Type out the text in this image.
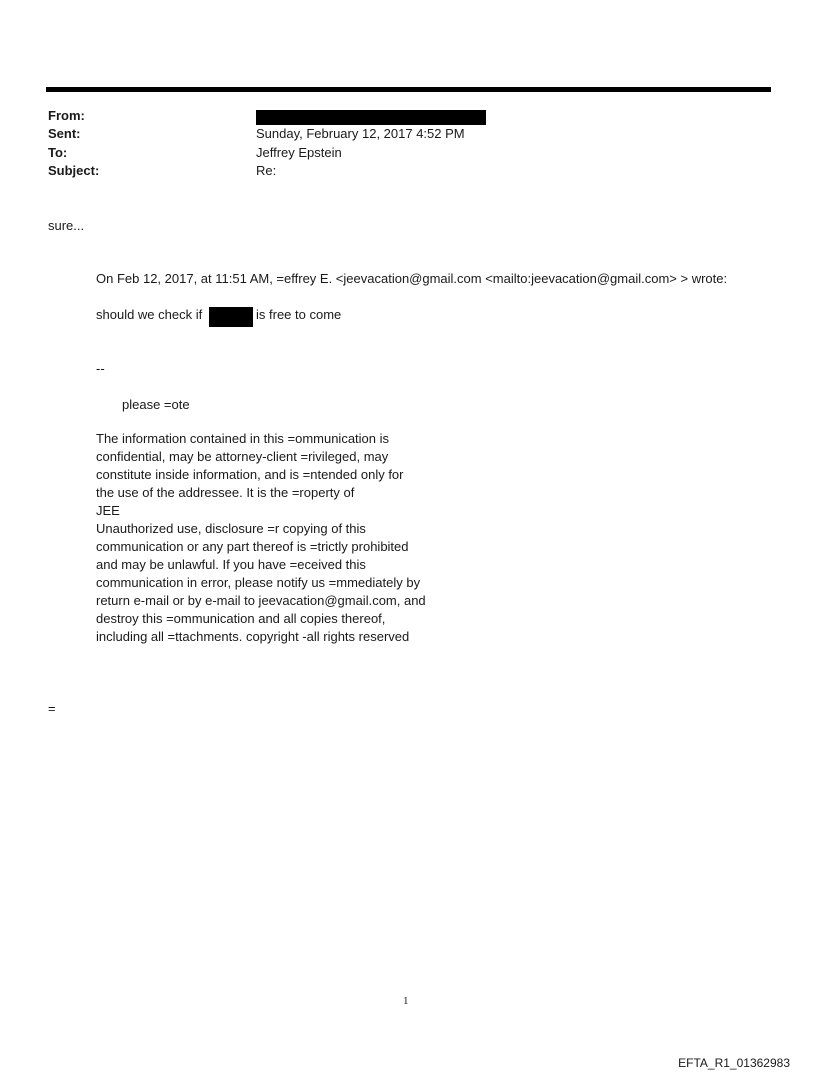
From:
Sent:	Sunday, February 12, 2017 4:52 PM
To:	Jeffrey Epstein
Subject:	Re:
sure...
On Feb 12, 2017, at 11:51 AM, =effrey E. <jeevacation@gmail.com <mailto:jeevacation@gmail.com> > wrote:
should we check if	is free to come
--
please =ote
The information contained in this =ommunication is
confidential, may be attorney-client =rivileged, may
constitute inside information, and is =ntended only for
the use of the addressee. It is the =roperty of
JEE
Unauthorized use, disclosure =r copying of this
communication or any part thereof is =trictly prohibited
and may be unlawful. If you have =eceived this
communication in error, please notify us =mmediately by
return e-mail or by e-mail to jeevacation@gmail.com, and
destroy this =ommunication and all copies thereof,
including all =ttachments. copyright -all rights reserved
=
1
EFTA_R1_01362983
